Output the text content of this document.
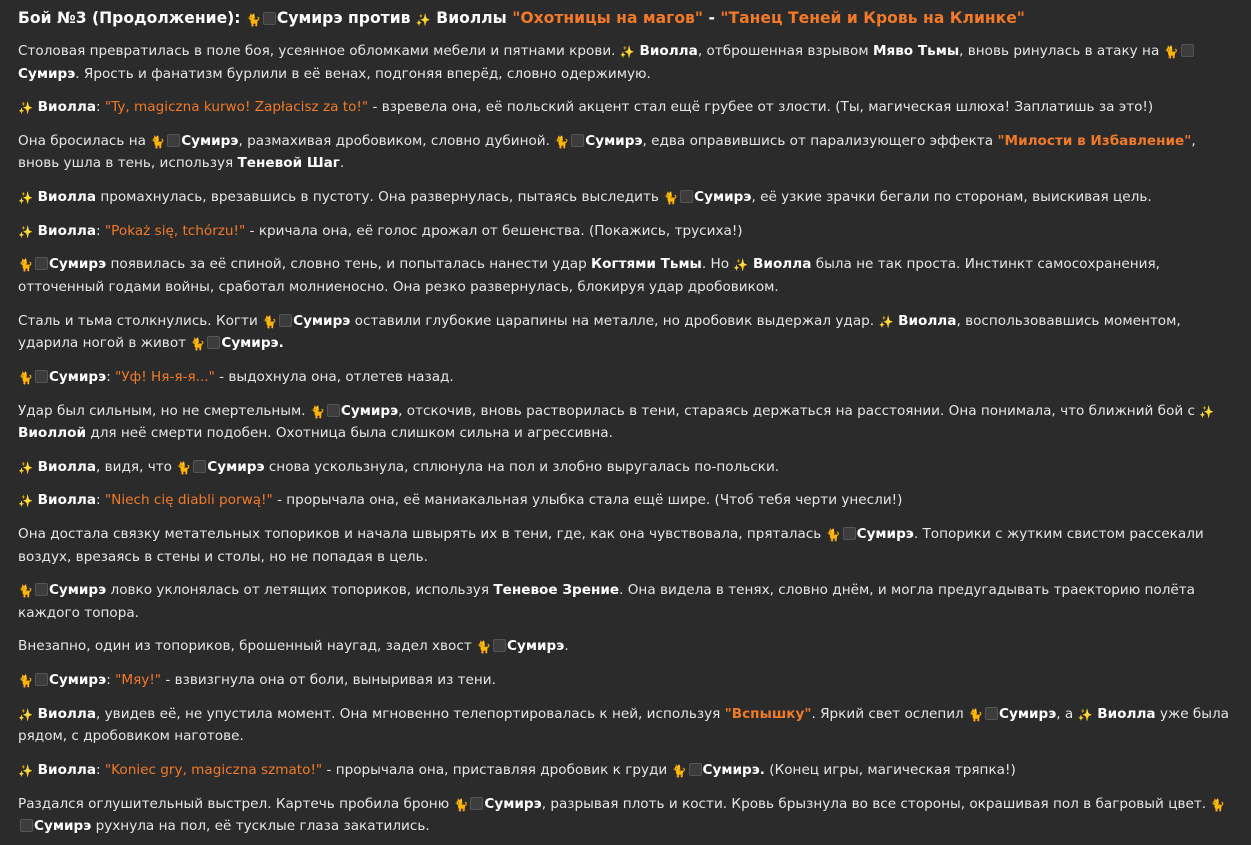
Бой №3 (Продолжение): 🐈 Сумирэ против ✨ Виоллы "Охотницы на магов" - "Танец Теней и Кровь на Клинке"

Столовая превратилась в поле боя, усеянное обломками мебели и пятнами крови. ✨ Виолла, отброшенная взрывом Мяво Тьмы, вновь ринулась в атаку на 🐈Сумирэ. Ярость и фанатизм бурлили в её венах, подгоняя вперёд, словно одержимую.

✨ Виолла: "Ty, magiczna kurwo! Zapłacisz za to!" - взревела она, её польский акцент стал ещё грубее от злости. (Ты, магическая шлюха! Заплатишь за это!)

Она бросилась на 🐈 Сумирэ, размахивая дробовиком, словно дубиной. 🐈 Сумирэ, едва оправившись от парализующего эффекта "Милости в Избавление", вновь ушла в тень, используя Теневой Шаг.

✨ Виолла промахнулась, врезавшись в пустоту. Она развернулась, пытаясь выследить 🐈 Сумирэ, её узкие зрачки бегали по сторонам, выискивая цель.

✨ Виолла: "Pokaż się, tchórzu!" - кричала она, её голос дрожал от бешенства. (Покажись, трусиха!)

🐈 Сумирэ появилась за её спиной, словно тень, и попыталась нанести удар Когтями Тьмы. Но ✨ Виолла была не так проста. Инстинкт самосохранения, отточенный годами войны, сработал молниеносно. Она резко развернулась, блокируя удар дробовиком.

Сталь и тьма столкнулись. Когти 🐈 Сумирэ оставили глубокие царапины на металле, но дробовик выдержал удар. ✨ Виолла, воспользовавшись моментом, ударила ногой в живот 🐈 Сумирэ.

🐈 Сумирэ: "Уф! Ня-я-я..." - выдохнула она, отлетев назад.

Удар был сильным, но не смертельным. 🐈 Сумирэ, отскочив, вновь растворилась в тени, стараясь держаться на расстоянии. Она понимала, что ближний бой с ✨ Виоллой для неё смерти подобен. Охотница была слишком сильна и агрессивна.

✨ Виолла, видя, что 🐈 Сумирэ снова ускользнула, сплюнула на пол и злобно выругалась по-польски.

✨ Виолла: "Niech cię diabli porwą!" - прорычала она, её маниакальная улыбка стала ещё шире. (Чтоб тебя черти унесли!)

Она достала связку метательных топориков и начала швырять их в тени, где, как она чувствовала, пряталась 🐈 Сумирэ. Топорики с жутким свистом рассекали воздух, врезаясь в стены и столы, но не попадая в цель.

🐈 Сумирэ ловко уклонялась от летящих топориков, используя Теневое Зрение. Она видела в тенях, словно днём, и могла предугадывать траекторию полёта каждого топора.

Внезапно, один из топориков, брошенный наугад, задел хвост 🐈 Сумирэ.

🐈 Сумирэ: "Мяу!" - взвизгнула она от боли, выныривая из тени.

✨ Виолла, увидев её, не упустила момент. Она мгновенно телепортировалась к ней, используя "Вспышку". Яркий свет ослепил 🐈 Сумирэ, а ✨ Виолла уже была рядом, с дробовиком наготове.

✨ Виолла: "Koniec gry, magiczna szmato!" - прорычала она, приставляя дробовик к груди 🐈 Сумирэ. (Конец игры, магическая тряпка!)

Раздался оглушительный выстрел. Картечь пробила броню 🐈 Сумирэ, разрывая плоть и кости. Кровь брызнула во все стороны, окрашивая пол в багровый цвет. 🐈Сумирэ рухнула на пол, её тусклые глаза закатились.
